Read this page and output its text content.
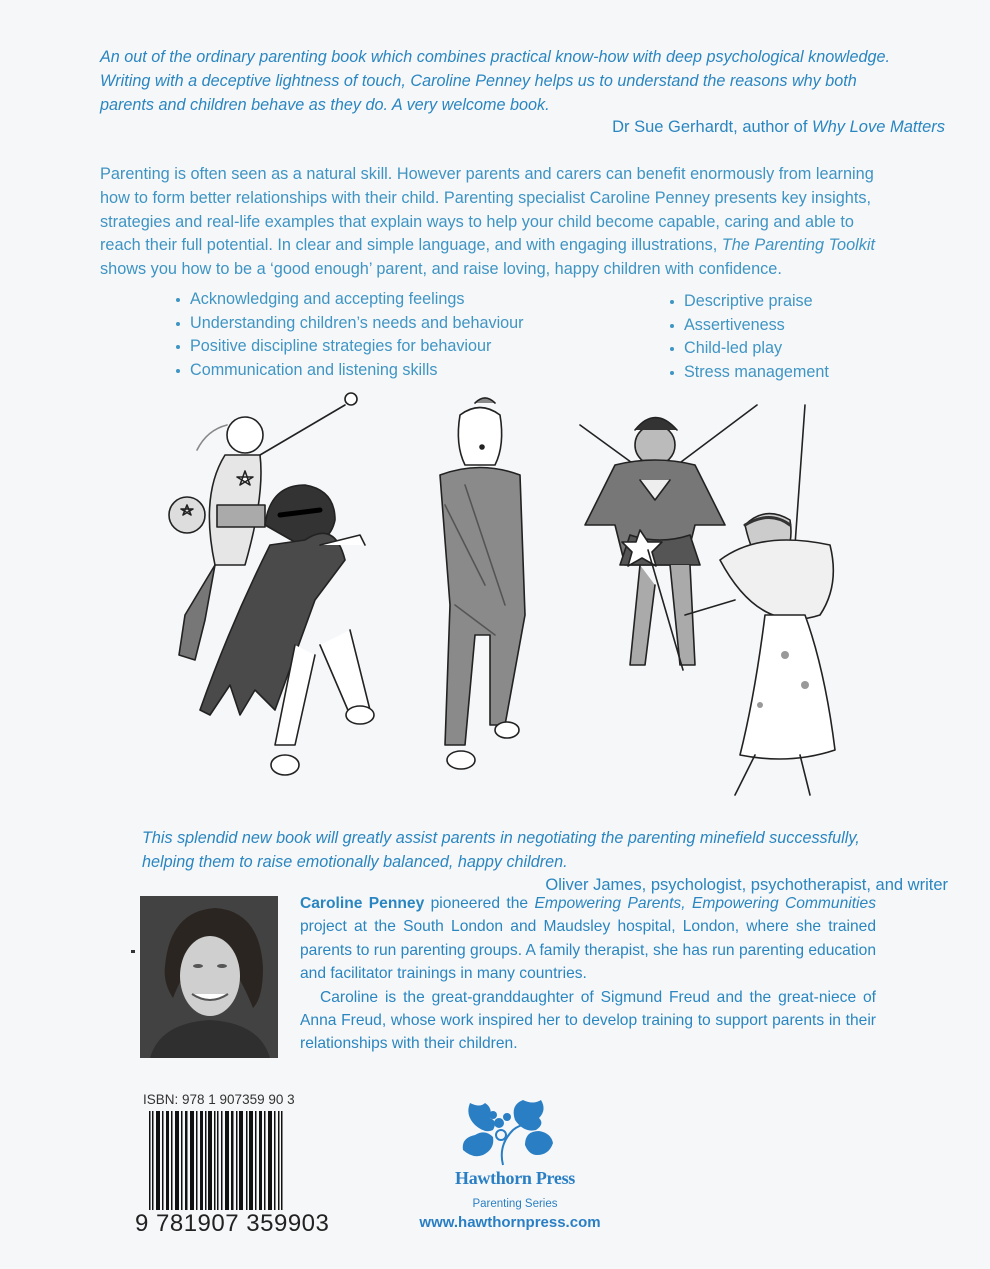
An out of the ordinary parenting book which combines practical know-how with deep psychological knowledge.
Writing with a deceptive lightness of touch, Caroline Penney helps us to understand the reasons why both
parents and children behave as they do. A very welcome book.
Dr Sue Gerhardt, author of Why Love Matters
Parenting is often seen as a natural skill. However parents and carers can benefit enormously from learning
how to form better relationships with their child. Parenting specialist Caroline Penney presents key insights,
strategies and real-life examples that explain ways to help your child become capable, caring and able to
reach their full potential. In clear and simple language, and with engaging illustrations, The Parenting Toolkit
shows you how to be a ‘good enough’ parent, and raise loving, happy children with confidence.
Acknowledging and accepting feelings
Understanding children’s needs and behaviour
Positive discipline strategies for behaviour
Communication and listening skills
Descriptive praise
Assertiveness
Child-led play
Stress management
This splendid new book will greatly assist parents in negotiating the parenting minefield successfully,
helping them to raise emotionally balanced, happy children.
Oliver James, psychologist, psychotherapist, and writer

Caroline Penney pioneered the Empowering Parents, Empowering Communities project at the South London and Maudsley hospital, London, where she trained parents to run parenting groups. A family therapist, she has run parenting education and facilitator trainings in many countries.

Caroline is the great-granddaughter of Sigmund Freud and the great-niece of Anna Freud, whose work inspired her to develop training to support parents in their relationships with their children.

ISBN: 978 1 907359 90 3
9 781907 359903
Hawthorn Press
Parenting Series
www.hawthornpress.com
